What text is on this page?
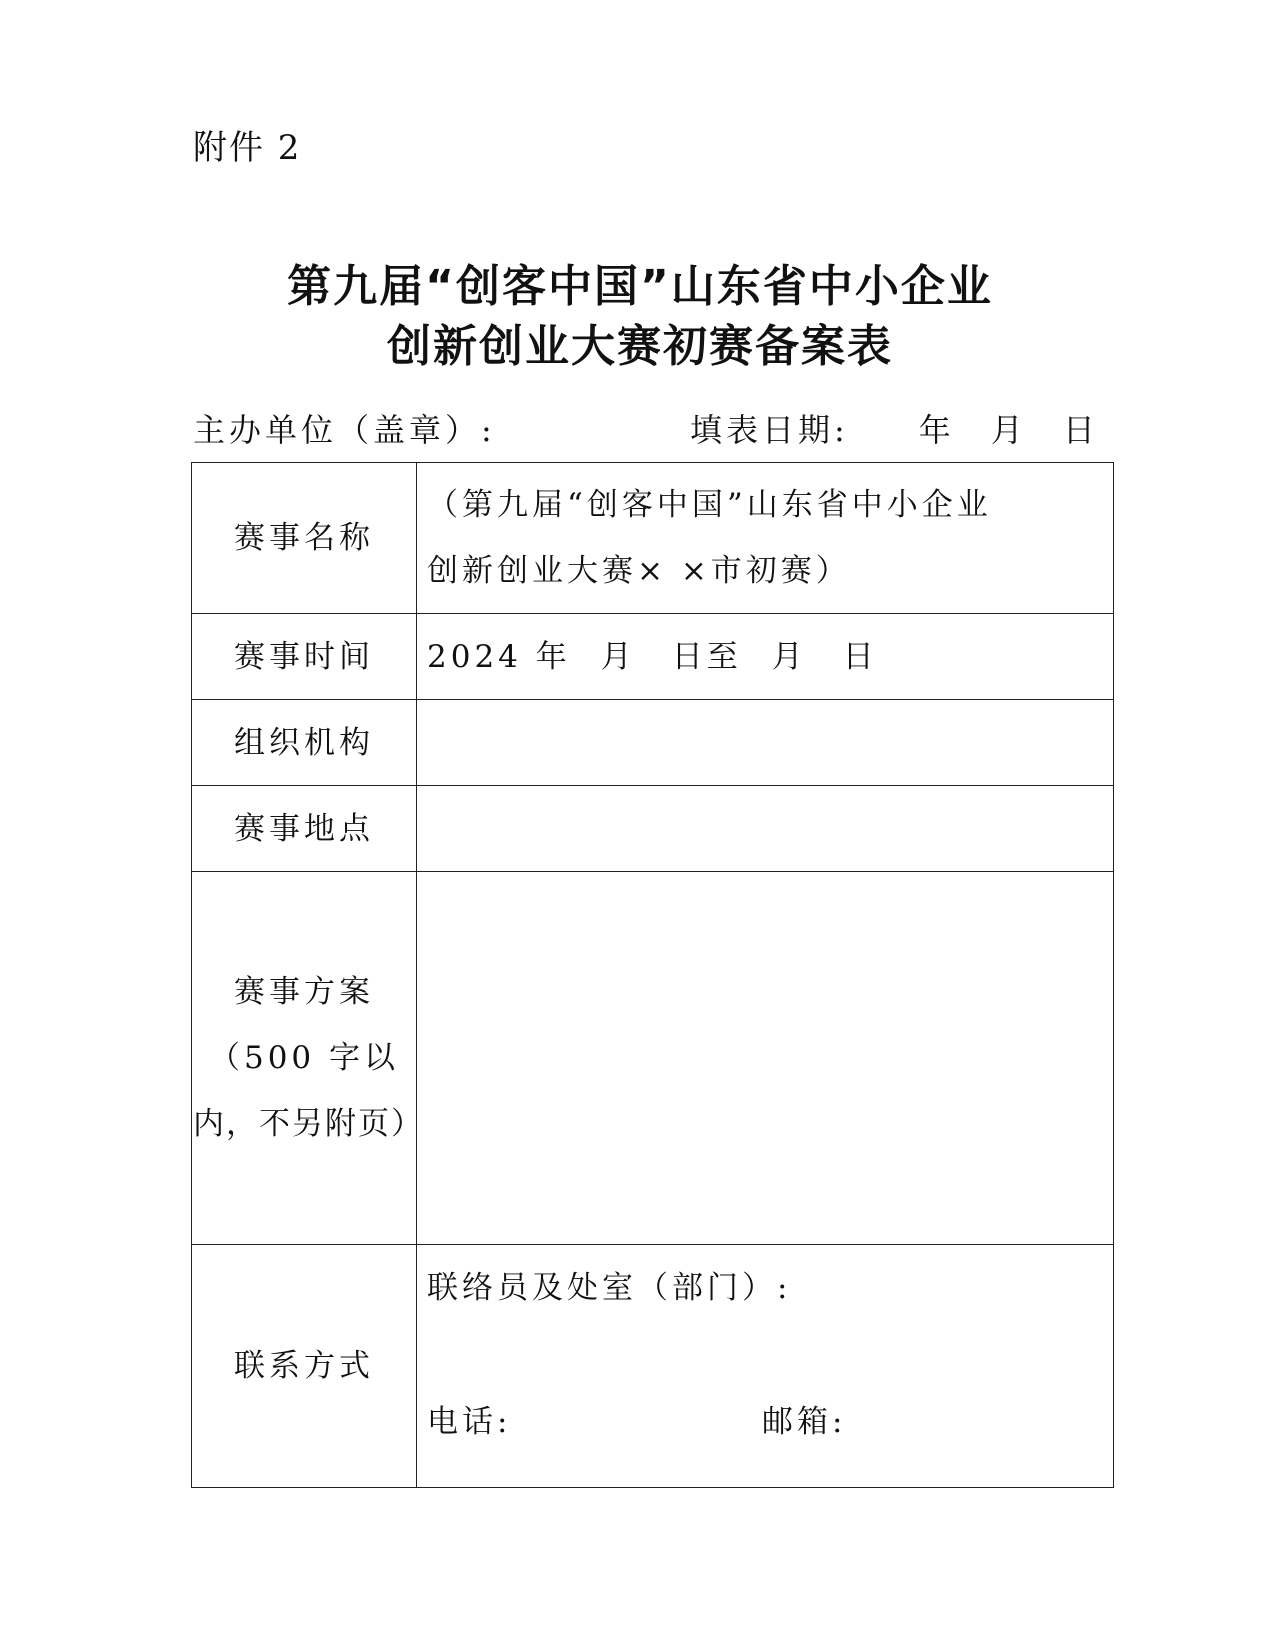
附件 2
第九届“创客中国”山东省中小企业
创新创业大赛初赛备案表
主办单位（盖章）:	填表日期: 年 月 日
赛事名称	（第九届“创客中国”山东省中小企业
创新创业大赛× ×市初赛）

赛事时间	2024 年 月 日至 月 日
组织机构	
赛事地点	

赛事方案
（500 字以
内，不另附页）	

联系方式	联络员及处室（部门）:
电话: 邮箱:
